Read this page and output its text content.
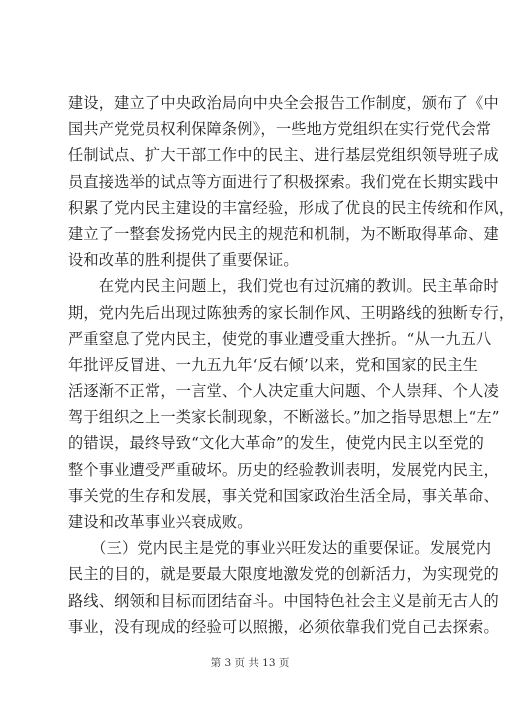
建设，建立了中央政治局向中央全会报告工作制度，颁布了《中
国共产党党员权利保障条例》，一些地方党组织在实行党代会常
任制试点、扩大干部工作中的民主、进行基层党组织领导班子成
员直接选举的试点等方面进行了积极探索。我们党在长期实践中
积累了党内民主建设的丰富经验，形成了优良的民主传统和作风，
建立了一整套发扬党内民主的规范和机制，为不断取得革命、建
设和改革的胜利提供了重要保证。
　　在党内民主问题上，我们党也有过沉痛的教训。民主革命时
期，党内先后出现过陈独秀的家长制作风、王明路线的独断专行，
严重窒息了党内民主，使党的事业遭受重大挫折。“从一九五八
年批评反冒进、一九五九年‘反右倾’以来，党和国家的民主生
活逐渐不正常，一言堂、个人决定重大问题、个人崇拜、个人凌
驾于组织之上一类家长制现象，不断滋长。”加之指导思想上“左”
的错误，最终导致“文化大革命”的发生，使党内民主以至党的
整个事业遭受严重破坏。历史的经验教训表明，发展党内民主，
事关党的生存和发展，事关党和国家政治生活全局，事关革命、
建设和改革事业兴衰成败。
　　（三）党内民主是党的事业兴旺发达的重要保证。发展党内
民主的目的，就是要最大限度地激发党的创新活力，为实现党的
路线、纲领和目标而团结奋斗。中国特色社会主义是前无古人的
事业，没有现成的经验可以照搬，必须依靠我们党自己去探索。
第 3 页 共 13 页
